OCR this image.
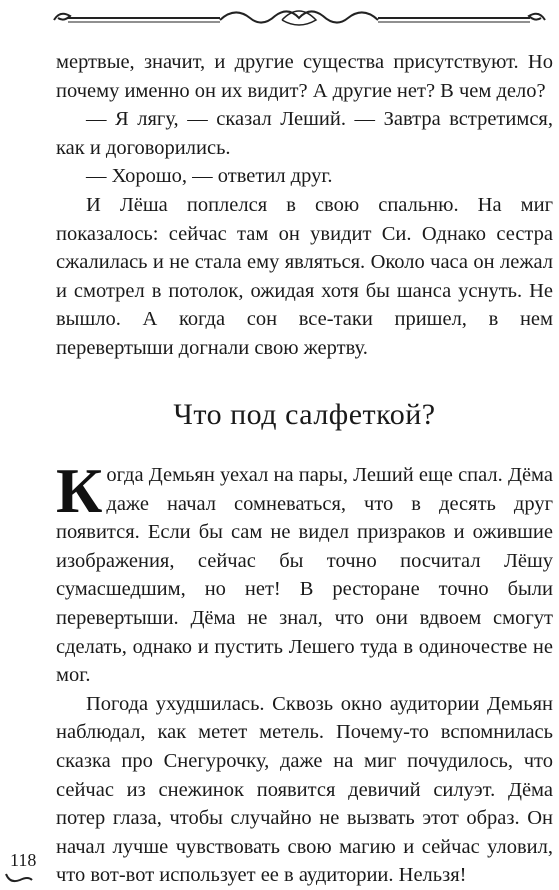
мертвые, значит, и другие существа присутствуют. Но почему именно он их видит? А другие нет? В чем дело?

— Я лягу, — сказал Леший. — Завтра встретимся, как и договорились.

— Хорошо, — ответил друг.

И Лёша поплелся в свою спальню. На миг показалось: сейчас там он увидит Си. Однако сестра сжалилась и не стала ему являться. Около часа он лежал и смотрел в потолок, ожидая хотя бы шанса уснуть. Не вышло. А когда сон все-таки пришел, в нем перевертыши догнали свою жертву.

Что под салфеткой?

Когда Демьян уехал на пары, Леший еще спал. Дёма даже начал сомневаться, что в десять друг появится. Если бы сам не видел призраков и ожившие изображения, сейчас бы точно посчитал Лёшу сумасшедшим, но нет! В ресторане точно были перевертыши. Дёма не знал, что они вдвоем смогут сделать, однако и пустить Лешего туда в одиночестве не мог.

Погода ухудшилась. Сквозь окно аудитории Демьян наблюдал, как метет метель. Почему-то вспомнилась сказка про Снегурочку, даже на миг почудилось, что сейчас из снежинок появится девичий силуэт. Дёма потер глаза, чтобы случайно не вызвать этот образ. Он начал лучше чувствовать свою магию и сейчас уловил, что вот-вот использует ее в аудитории. Нельзя!

118
